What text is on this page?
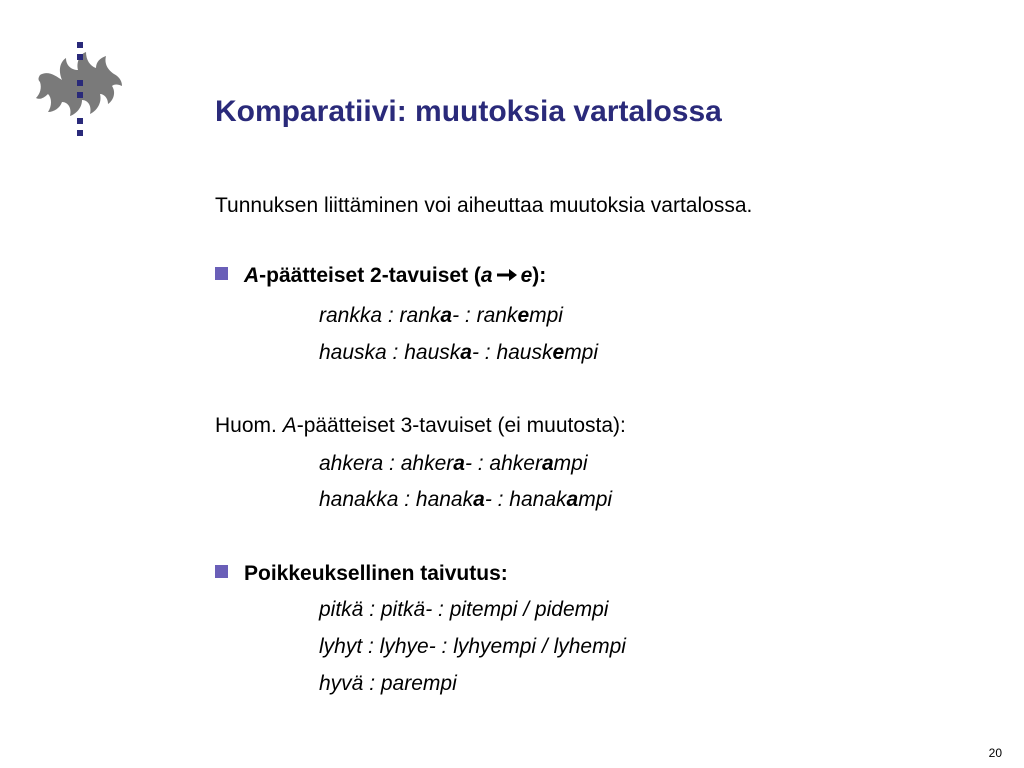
Komparatiivi: muutoksia vartalossa
Tunnuksen liittäminen voi aiheuttaa muutoksia vartalossa.
A-päätteiset 2-tavuiset (a e):
rankka : ranka- : rankempi
hauska : hauska- : hauskempi
Huom. A-päätteiset 3-tavuiset (ei muutosta):
ahkera : ahkera- : ahkerampi
hanakka : hanaka- : hanakampi
Poikkeuksellinen taivutus:
pitkä : pitkä- : pitempi / pidempi
lyhyt : lyhye- : lyhyempi / lyhempi
hyvä : parempi
20
